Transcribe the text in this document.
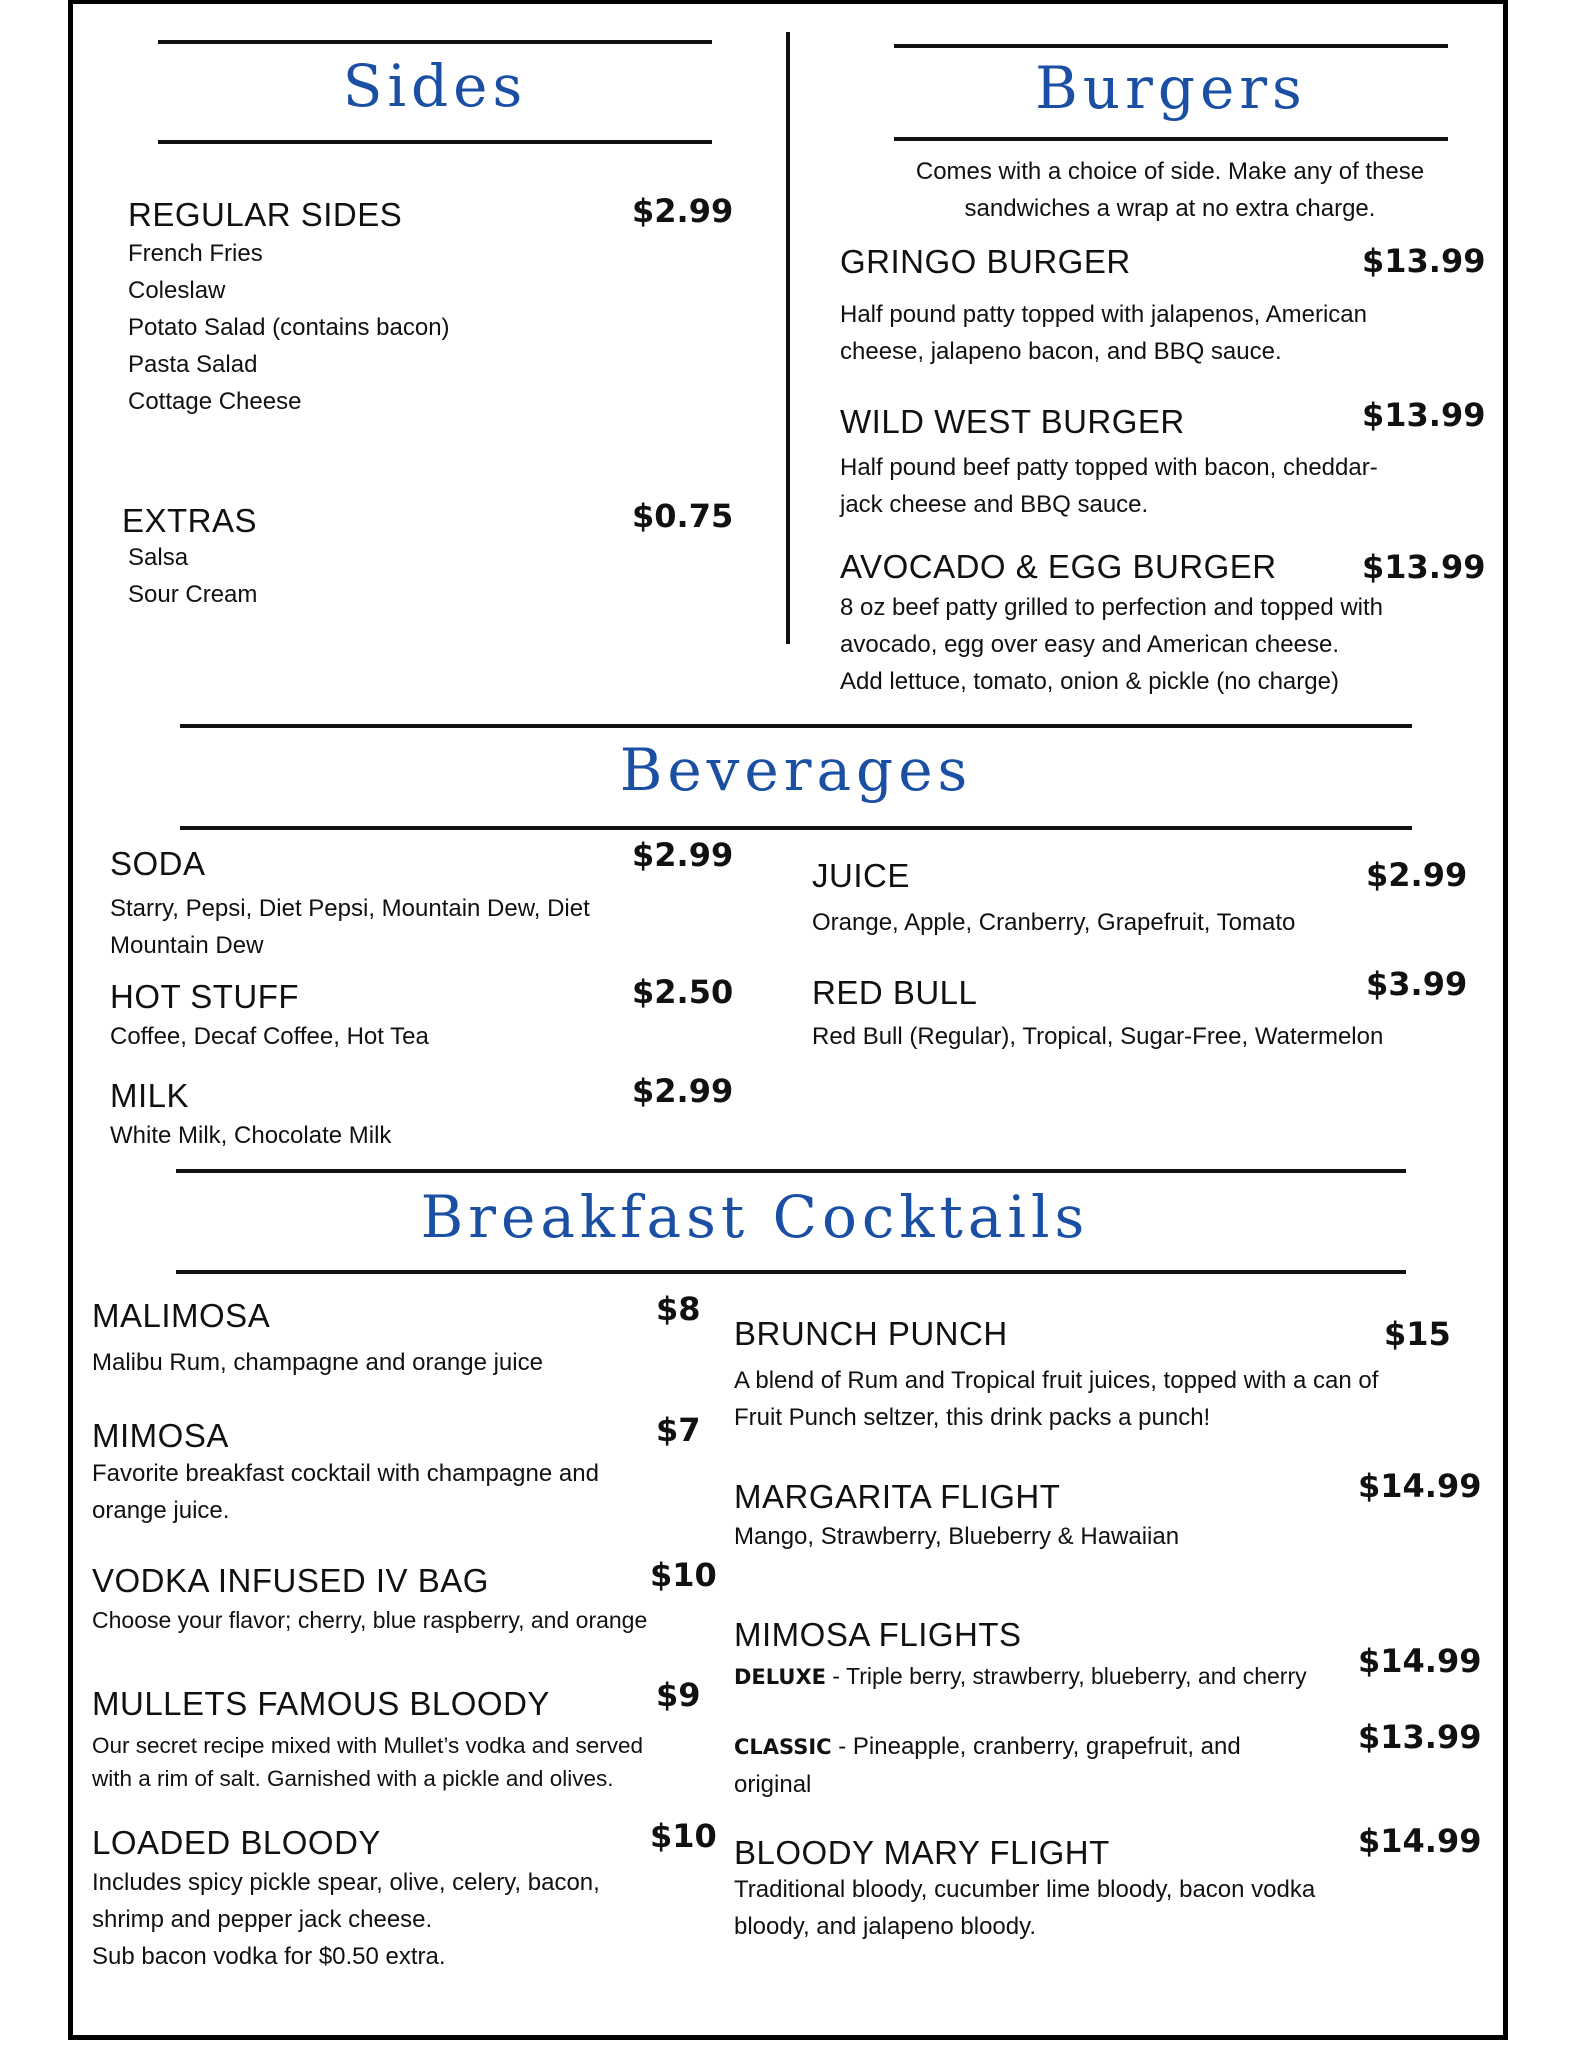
Sides
REGULAR SIDES	$2.99
French Fries
Coleslaw
Potato Salad (contains bacon)
Pasta Salad
Cottage Cheese
EXTRAS	$0.75
Salsa
Sour Cream
Burgers
Comes with a choice of side. Make any of these
sandwiches a wrap at no extra charge.
GRINGO BURGER	$13.99
Half pound patty topped with jalapenos, American
cheese, jalapeno bacon, and BBQ sauce.
WILD WEST BURGER	$13.99
Half pound beef patty topped with bacon, cheddar-
jack cheese and BBQ sauce.
AVOCADO & EGG BURGER	$13.99
8 oz beef patty grilled to perfection and topped with
avocado, egg over easy and American cheese.
Add lettuce, tomato, onion & pickle (no charge)
Beverages
SODA	$2.99
Starry, Pepsi, Diet Pepsi, Mountain Dew, Diet
Mountain Dew
HOT STUFF	$2.50
Coffee, Decaf Coffee, Hot Tea
MILK	$2.99
White Milk, Chocolate Milk
JUICE	$2.99
Orange, Apple, Cranberry, Grapefruit, Tomato
RED BULL	$3.99
Red Bull (Regular), Tropical, Sugar-Free, Watermelon
Breakfast Cocktails
MALIMOSA	$8
Malibu Rum, champagne and orange juice
MIMOSA	$7
Favorite breakfast cocktail with champagne and
orange juice.
VODKA INFUSED IV BAG	$10
Choose your flavor; cherry, blue raspberry, and orange
MULLETS FAMOUS BLOODY	$9
Our secret recipe mixed with Mullet’s vodka and served
with a rim of salt. Garnished with a pickle and olives.
LOADED BLOODY	$10
Includes spicy pickle spear, olive, celery, bacon,
shrimp and pepper jack cheese.
Sub bacon vodka for $0.50 extra.
BRUNCH PUNCH	$15
A blend of Rum and Tropical fruit juices, topped with a can of
Fruit Punch seltzer, this drink packs a punch!
MARGARITA FLIGHT	$14.99
Mango, Strawberry, Blueberry & Hawaiian
MIMOSA FLIGHTS
DELUXE - Triple berry, strawberry, blueberry, and cherry $14.99
CLASSIC - Pineapple, cranberry, grapefruit, and
original
$13.99
BLOODY MARY FLIGHT	$14.99
Traditional bloody, cucumber lime bloody, bacon vodka
bloody, and jalapeno bloody.
